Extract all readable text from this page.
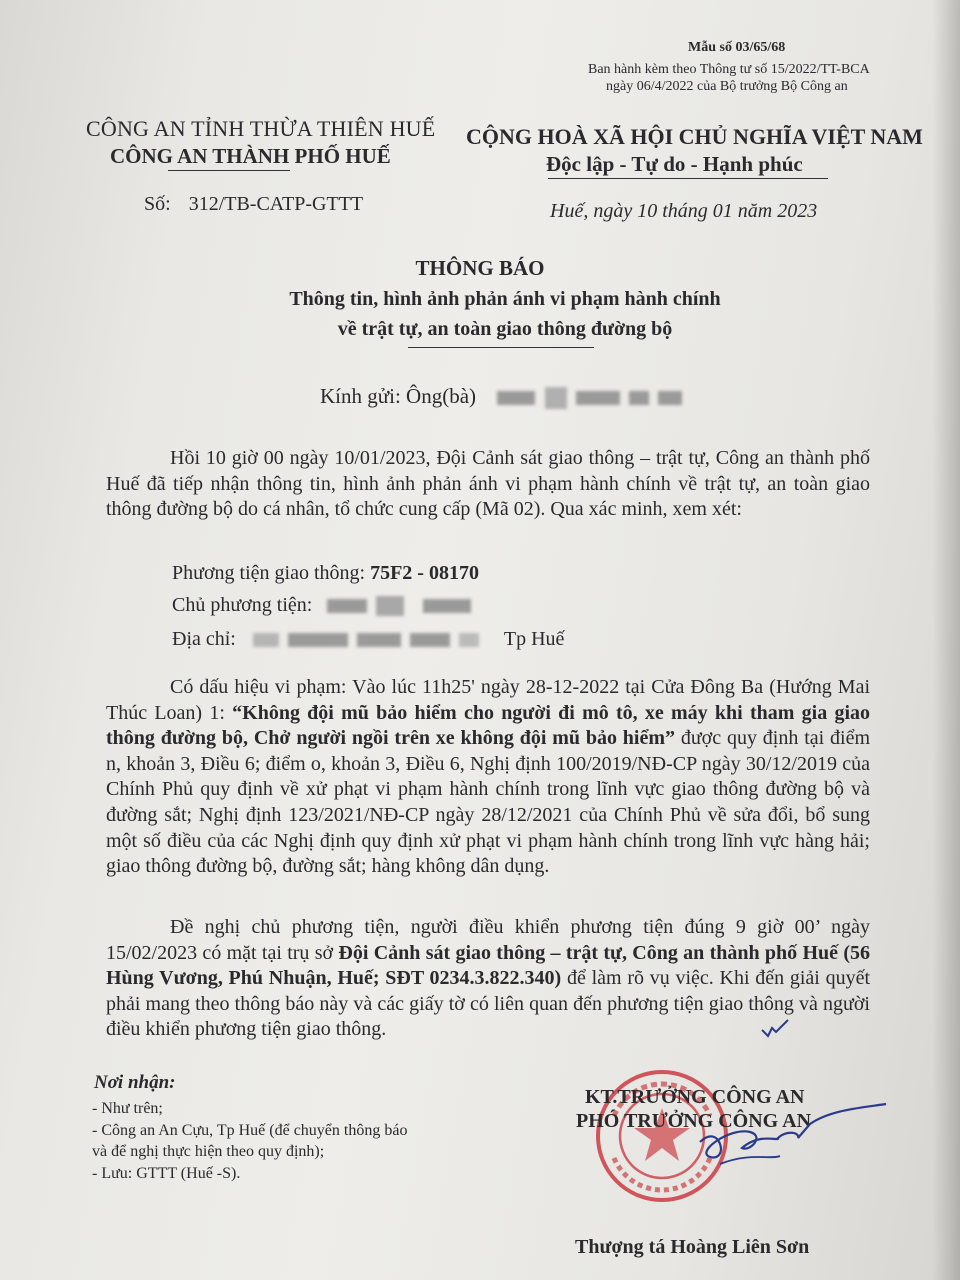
Mẫu số 03/65/68
Ban hành kèm theo Thông tư số 15/2022/TT-BCA
ngày 06/4/2022 của Bộ trưởng Bộ Công an
CÔNG AN TỈNH THỪA THIÊN HUẾ
CÔNG AN THÀNH PHỐ HUẾ
Số: 312/TB-CATP-GTTT
CỘNG HOÀ XÃ HỘI CHỦ NGHĨA VIỆT NAM
Độc lập - Tự do - Hạnh phúc
Huế, ngày 10 tháng 01 năm 2023
THÔNG BÁO
Thông tin, hình ảnh phản ánh vi phạm hành chính
về trật tự, an toàn giao thông đường bộ
Kính gửi: Ông(bà)
Hồi 10 giờ 00 ngày 10/01/2023, Đội Cảnh sát giao thông – trật tự, Công an thành phố Huế đã tiếp nhận thông tin, hình ảnh phản ánh vi phạm hành chính về trật tự, an toàn giao thông đường bộ do cá nhân, tổ chức cung cấp (Mã 02). Qua xác minh, xem xét:
Phương tiện giao thông: 75F2 - 08170
Chủ phương tiện:
Địa chỉ:	Tp Huế
Có dấu hiệu vi phạm: Vào lúc 11h25' ngày 28-12-2022 tại Cửa Đông Ba (Hướng Mai Thúc Loan) 1: “Không đội mũ bảo hiểm cho người đi mô tô, xe máy khi tham gia giao thông đường bộ, Chở người ngồi trên xe không đội mũ bảo hiểm” được quy định tại điểm n, khoản 3, Điều 6; điểm o, khoản 3, Điều 6, Nghị định 100/2019/NĐ-CP ngày 30/12/2019 của Chính Phủ quy định về xử phạt vi phạm hành chính trong lĩnh vực giao thông đường bộ và đường sắt; Nghị định 123/2021/NĐ-CP ngày 28/12/2021 của Chính Phủ về sửa đổi, bổ sung một số điều của các Nghị định quy định xử phạt vi phạm hành chính trong lĩnh vực hàng hải; giao thông đường bộ, đường sắt; hàng không dân dụng.
Đề nghị chủ phương tiện, người điều khiển phương tiện đúng 9 giờ 00’ ngày 15/02/2023 có mặt tại trụ sở Đội Cảnh sát giao thông – trật tự, Công an thành phố Huế (56 Hùng Vương, Phú Nhuận, Huế; SĐT 0234.3.822.340) để làm rõ vụ việc. Khi đến giải quyết phải mang theo thông báo này và các giấy tờ có liên quan đến phương tiện giao thông và người điều khiển phương tiện giao thông.
Nơi nhận:
- Như trên;
- Công an An Cựu, Tp Huế (để chuyển thông báo
và để nghị thực hiện theo quy định);
- Lưu: GTTT (Huế -S).
KT.TRƯỞNG CÔNG AN
PHÓ TRƯỞNG CÔNG AN
Thượng tá Hoàng Liên Sơn
